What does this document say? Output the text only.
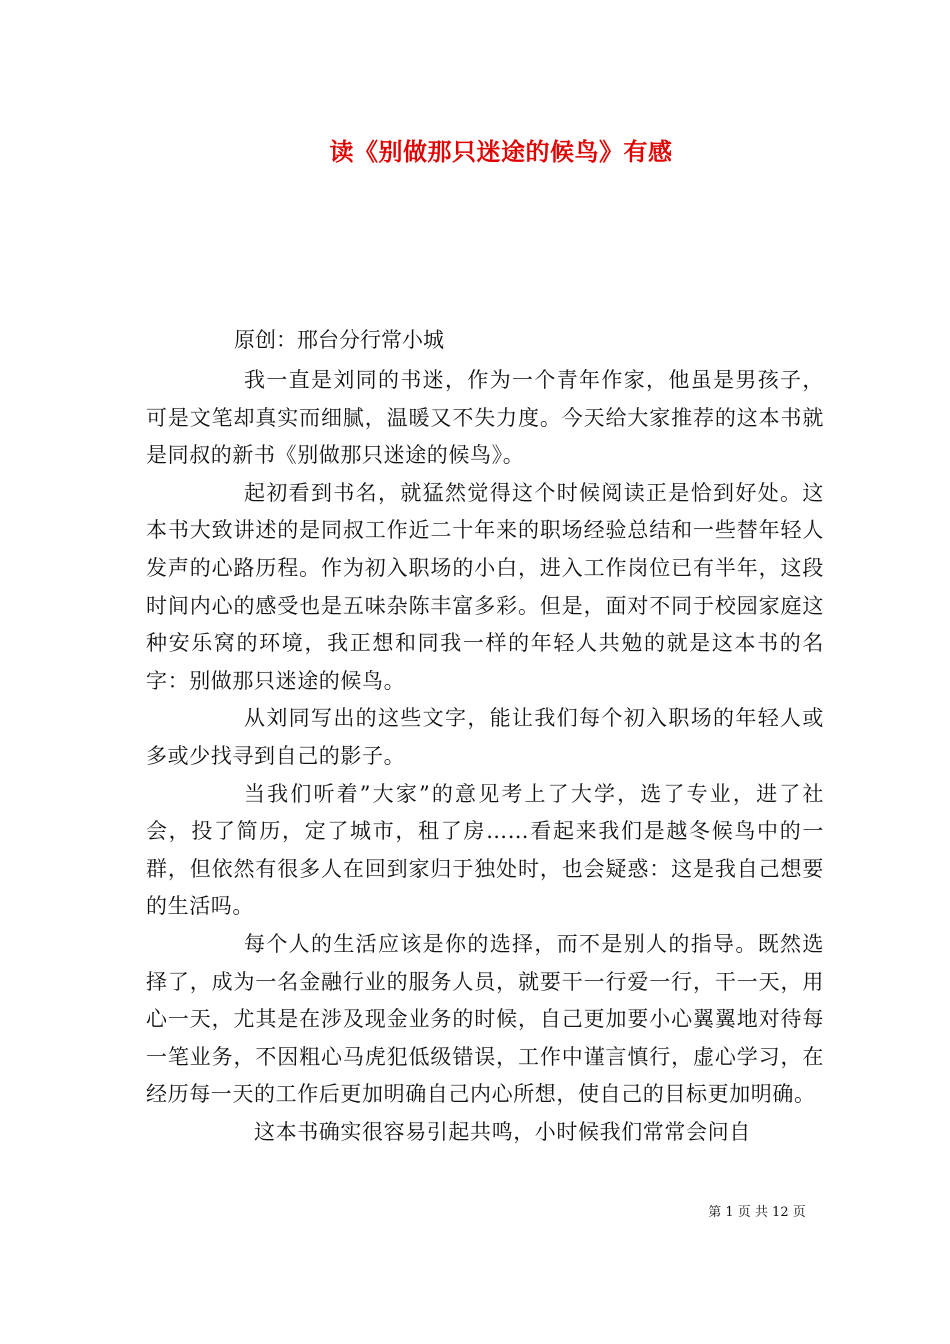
读《别做那只迷途的候鸟》有感
原创：邢台分行常小城

我一直是刘同的书迷，作为一个青年作家，他虽是男孩子，可是文笔却真实而细腻，温暖又不失力度。今天给大家推荐的这本书就是同叔的新书《别做那只迷途的候鸟》。

起初看到书名，就猛然觉得这个时候阅读正是恰到好处。这本书大致讲述的是同叔工作近二十年来的职场经验总结和一些替年轻人发声的心路历程。作为初入职场的小白，进入工作岗位已有半年，这段时间内心的感受也是五味杂陈丰富多彩。但是，面对不同于校园家庭这种安乐窝的环境，我正想和同我一样的年轻人共勉的就是这本书的名字：别做那只迷途的候鸟。

从刘同写出的这些文字，能让我们每个初入职场的年轻人或多或少找寻到自己的影子。

当我们听着”大家”的意见考上了大学，选了专业，进了社会，投了简历，定了城市，租了房……看起来我们是越冬候鸟中的一群，但依然有很多人在回到家归于独处时，也会疑惑：这是我自己想要的生活吗。

每个人的生活应该是你的选择，而不是别人的指导。既然选择了，成为一名金融行业的服务人员，就要干一行爱一行，干一天，用心一天，尤其是在涉及现金业务的时候，自己更加要小心翼翼地对待每一笔业务，不因粗心马虎犯低级错误，工作中谨言慎行，虚心学习，在经历每一天的工作后更加明确自己内心所想，使自己的目标更加明确。

这本书确实很容易引起共鸣，小时候我们常常会问自

第 1 页 共 12 页
